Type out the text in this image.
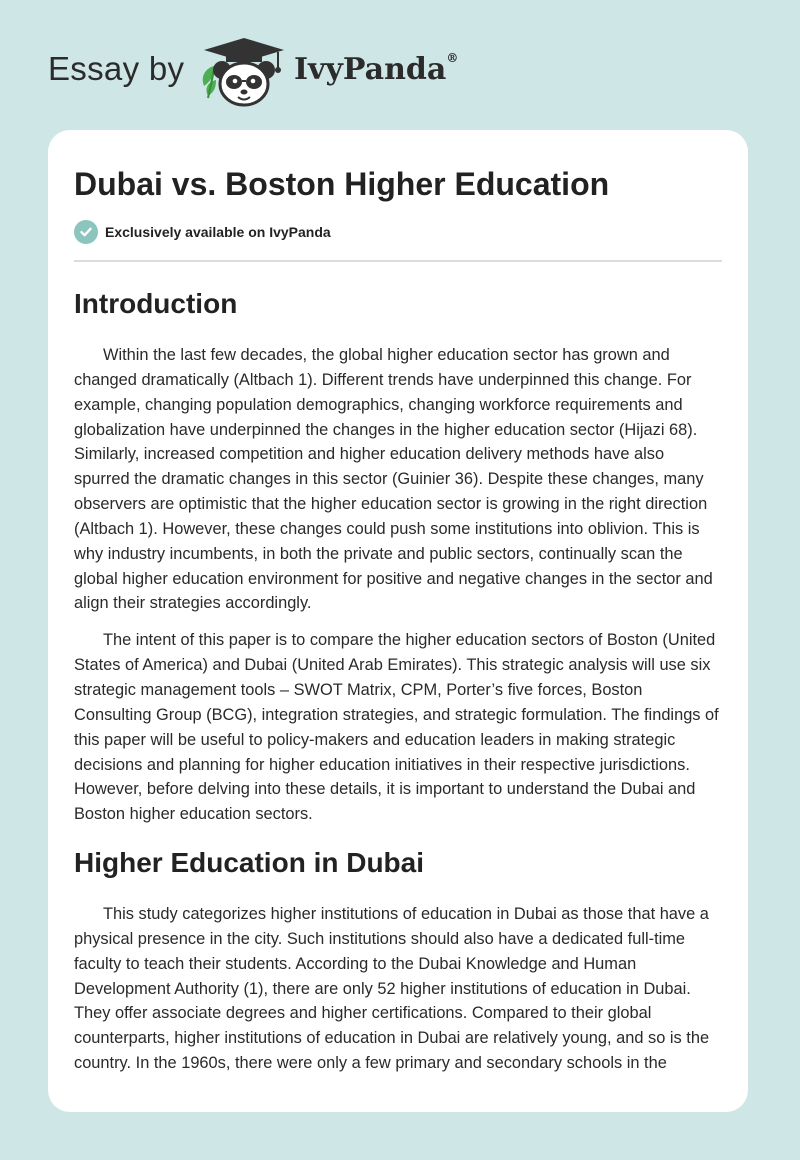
Essay by	IvyPanda®
Dubai vs. Boston Higher Education
Exclusively available on IvyPanda
Introduction

Within the last few decades, the global higher education sector has grown and changed dramatically (Altbach 1). Different trends have underpinned this change. For example, changing population demographics, changing workforce requirements and globalization have underpinned the changes in the higher education sector (Hijazi 68). Similarly, increased competition and higher education delivery methods have also spurred the dramatic changes in this sector (Guinier 36). Despite these changes, many observers are optimistic that the higher education sector is growing in the right direction (Altbach 1). However, these changes could push some institutions into oblivion. This is why industry incumbents, in both the private and public sectors, continually scan the global higher education environment for positive and negative changes in the sector and align their strategies accordingly.

The intent of this paper is to compare the higher education sectors of Boston (United States of America) and Dubai (United Arab Emirates). This strategic analysis will use six strategic management tools – SWOT Matrix, CPM, Porter’s five forces, Boston Consulting Group (BCG), integration strategies, and strategic formulation. The findings of this paper will be useful to policy-makers and education leaders in making strategic decisions and planning for higher education initiatives in their respective jurisdictions. However, before delving into these details, it is important to understand the Dubai and Boston higher education sectors.

Higher Education in Dubai

This study categorizes higher institutions of education in Dubai as those that have a physical presence in the city. Such institutions should also have a dedicated full-time faculty to teach their students. According to the Dubai Knowledge and Human Development Authority (1), there are only 52 higher institutions of education in Dubai. They offer associate degrees and higher certifications. Compared to their global counterparts, higher institutions of education in Dubai are relatively young, and so is the country. In the 1960s, there were only a few primary and secondary schools in the
